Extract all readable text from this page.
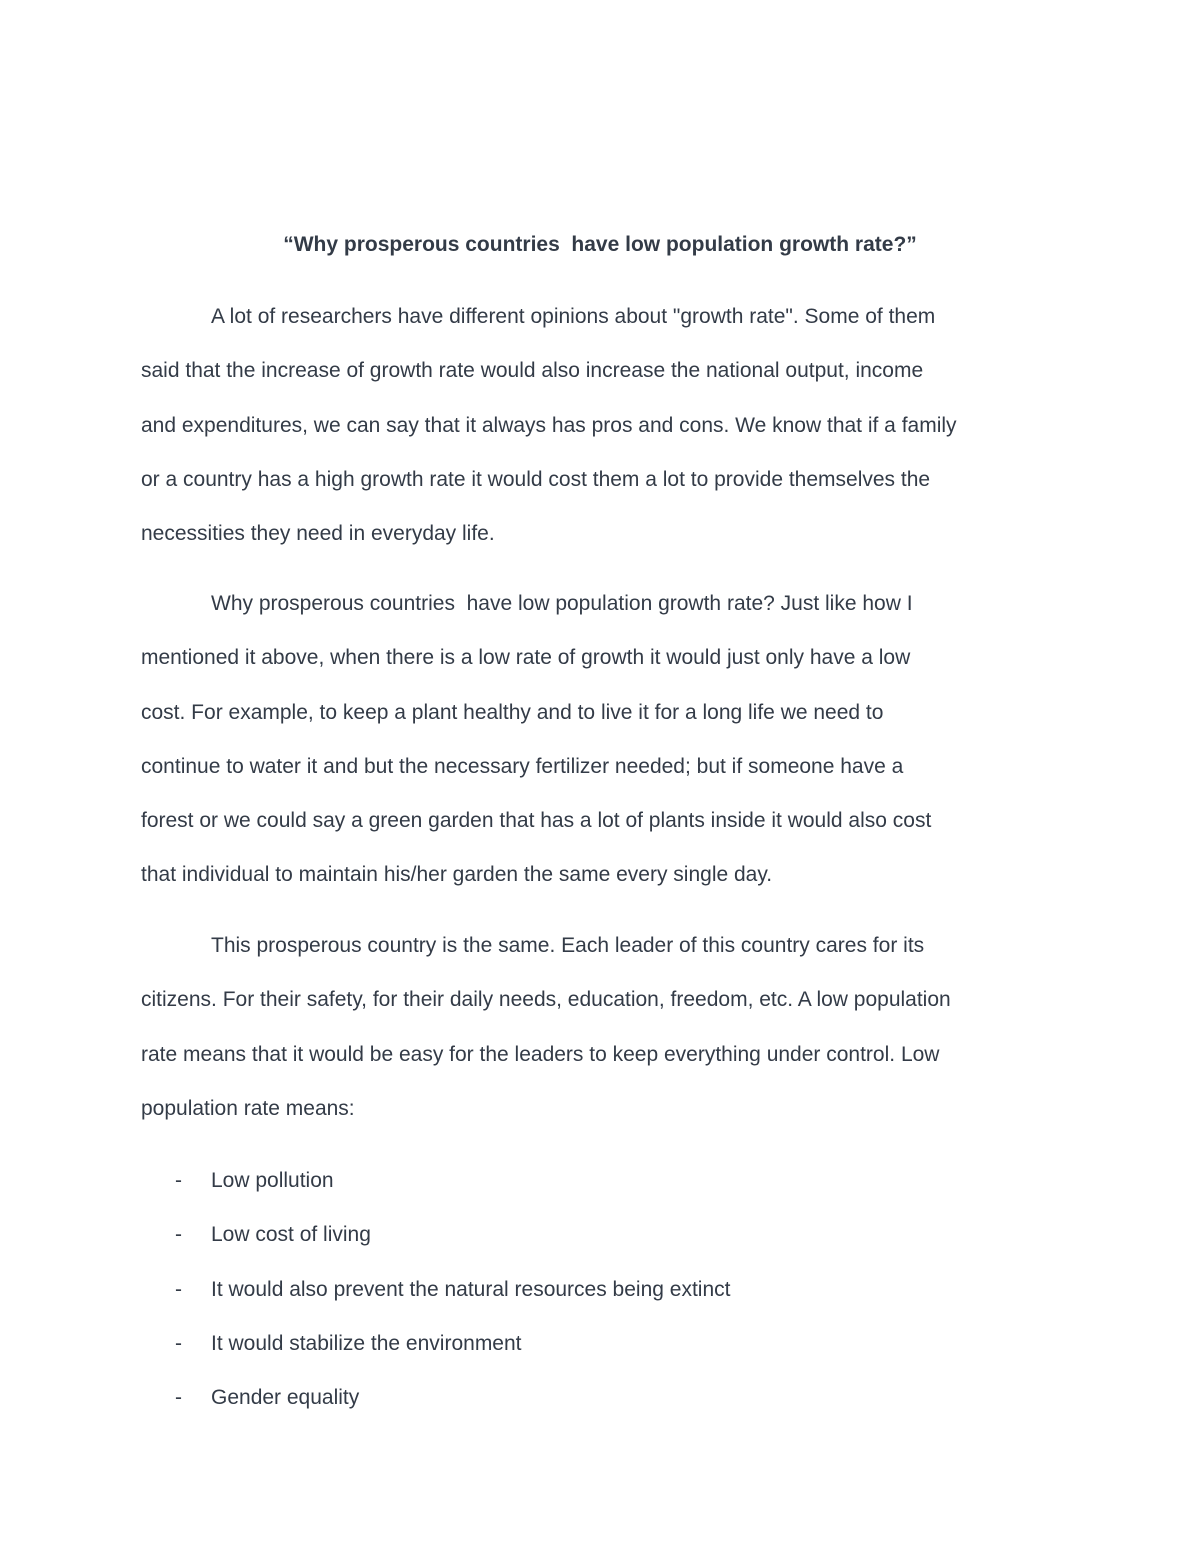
“Why prosperous countries  have low population growth rate?”

A lot of researchers have different opinions about "growth rate". Some of them
said that the increase of growth rate would also increase the national output, income
and expenditures, we can say that it always has pros and cons. We know that if a family
or a country has a high growth rate it would cost them a lot to provide themselves the
necessities they need in everyday life.

Why prosperous countries  have low population growth rate? Just like how I
mentioned it above, when there is a low rate of growth it would just only have a low
cost. For example, to keep a plant healthy and to live it for a long life we need to
continue to water it and but the necessary fertilizer needed; but if someone have a
forest or we could say a green garden that has a lot of plants inside it would also cost
that individual to maintain his/her garden the same every single day.

This prosperous country is the same. Each leader of this country cares for its
citizens. For their safety, for their daily needs, education, freedom, etc. A low population
rate means that it would be easy for the leaders to keep everything under control. Low
population rate means:

-	Low pollution
-	Low cost of living
-	It would also prevent the natural resources being extinct
-	It would stabilize the environment
-	Gender equality
